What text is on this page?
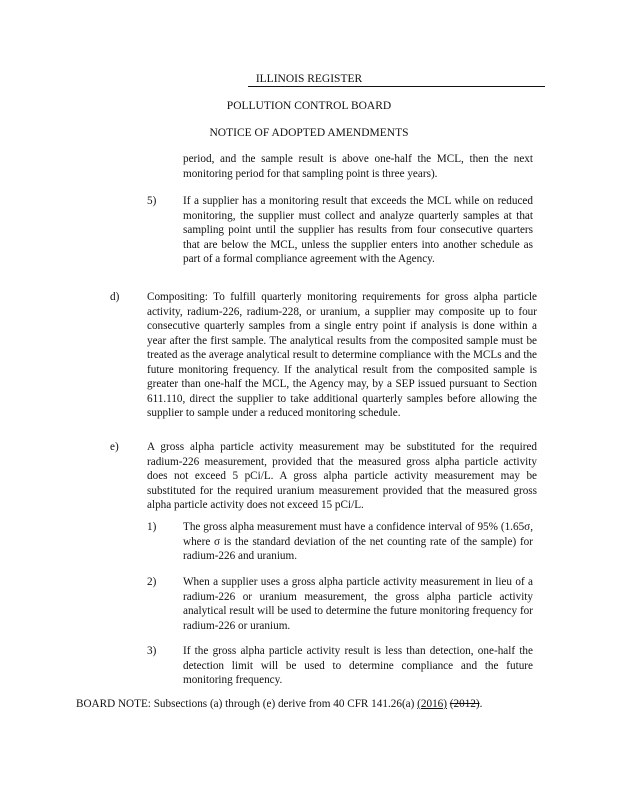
ILLINOIS REGISTER
POLLUTION CONTROL BOARD
NOTICE OF ADOPTED AMENDMENTS
period, and the sample result is above one-half the MCL, then the next monitoring period for that sampling point is three years).
5)	If a supplier has a monitoring result that exceeds the MCL while on reduced monitoring, the supplier must collect and analyze quarterly samples at that sampling point until the supplier has results from four consecutive quarters that are below the MCL, unless the supplier enters into another schedule as part of a formal compliance agreement with the Agency.
d)	Compositing: To fulfill quarterly monitoring requirements for gross alpha particle activity, radium-226, radium-228, or uranium, a supplier may composite up to four consecutive quarterly samples from a single entry point if analysis is done within a year after the first sample. The analytical results from the composited sample must be treated as the average analytical result to determine compliance with the MCLs and the future monitoring frequency. If the analytical result from the composited sample is greater than one-half the MCL, the Agency may, by a SEP issued pursuant to Section 611.110, direct the supplier to take additional quarterly samples before allowing the supplier to sample under a reduced monitoring schedule.
e)	A gross alpha particle activity measurement may be substituted for the required radium-226 measurement, provided that the measured gross alpha particle activity does not exceed 5 pCi/L. A gross alpha particle activity measurement may be substituted for the required uranium measurement provided that the measured gross alpha particle activity does not exceed 15 pCi/L.
1)	The gross alpha measurement must have a confidence interval of 95% (1.65σ, where σ is the standard deviation of the net counting rate of the sample) for radium-226 and uranium.
2)	When a supplier uses a gross alpha particle activity measurement in lieu of a radium-226 or uranium measurement, the gross alpha particle activity analytical result will be used to determine the future monitoring frequency for radium-226 or uranium.
3)	If the gross alpha particle activity result is less than detection, one-half the detection limit will be used to determine compliance and the future monitoring frequency.
BOARD NOTE: Subsections (a) through (e) derive from 40 CFR 141.26(a) (2016) (2012).
